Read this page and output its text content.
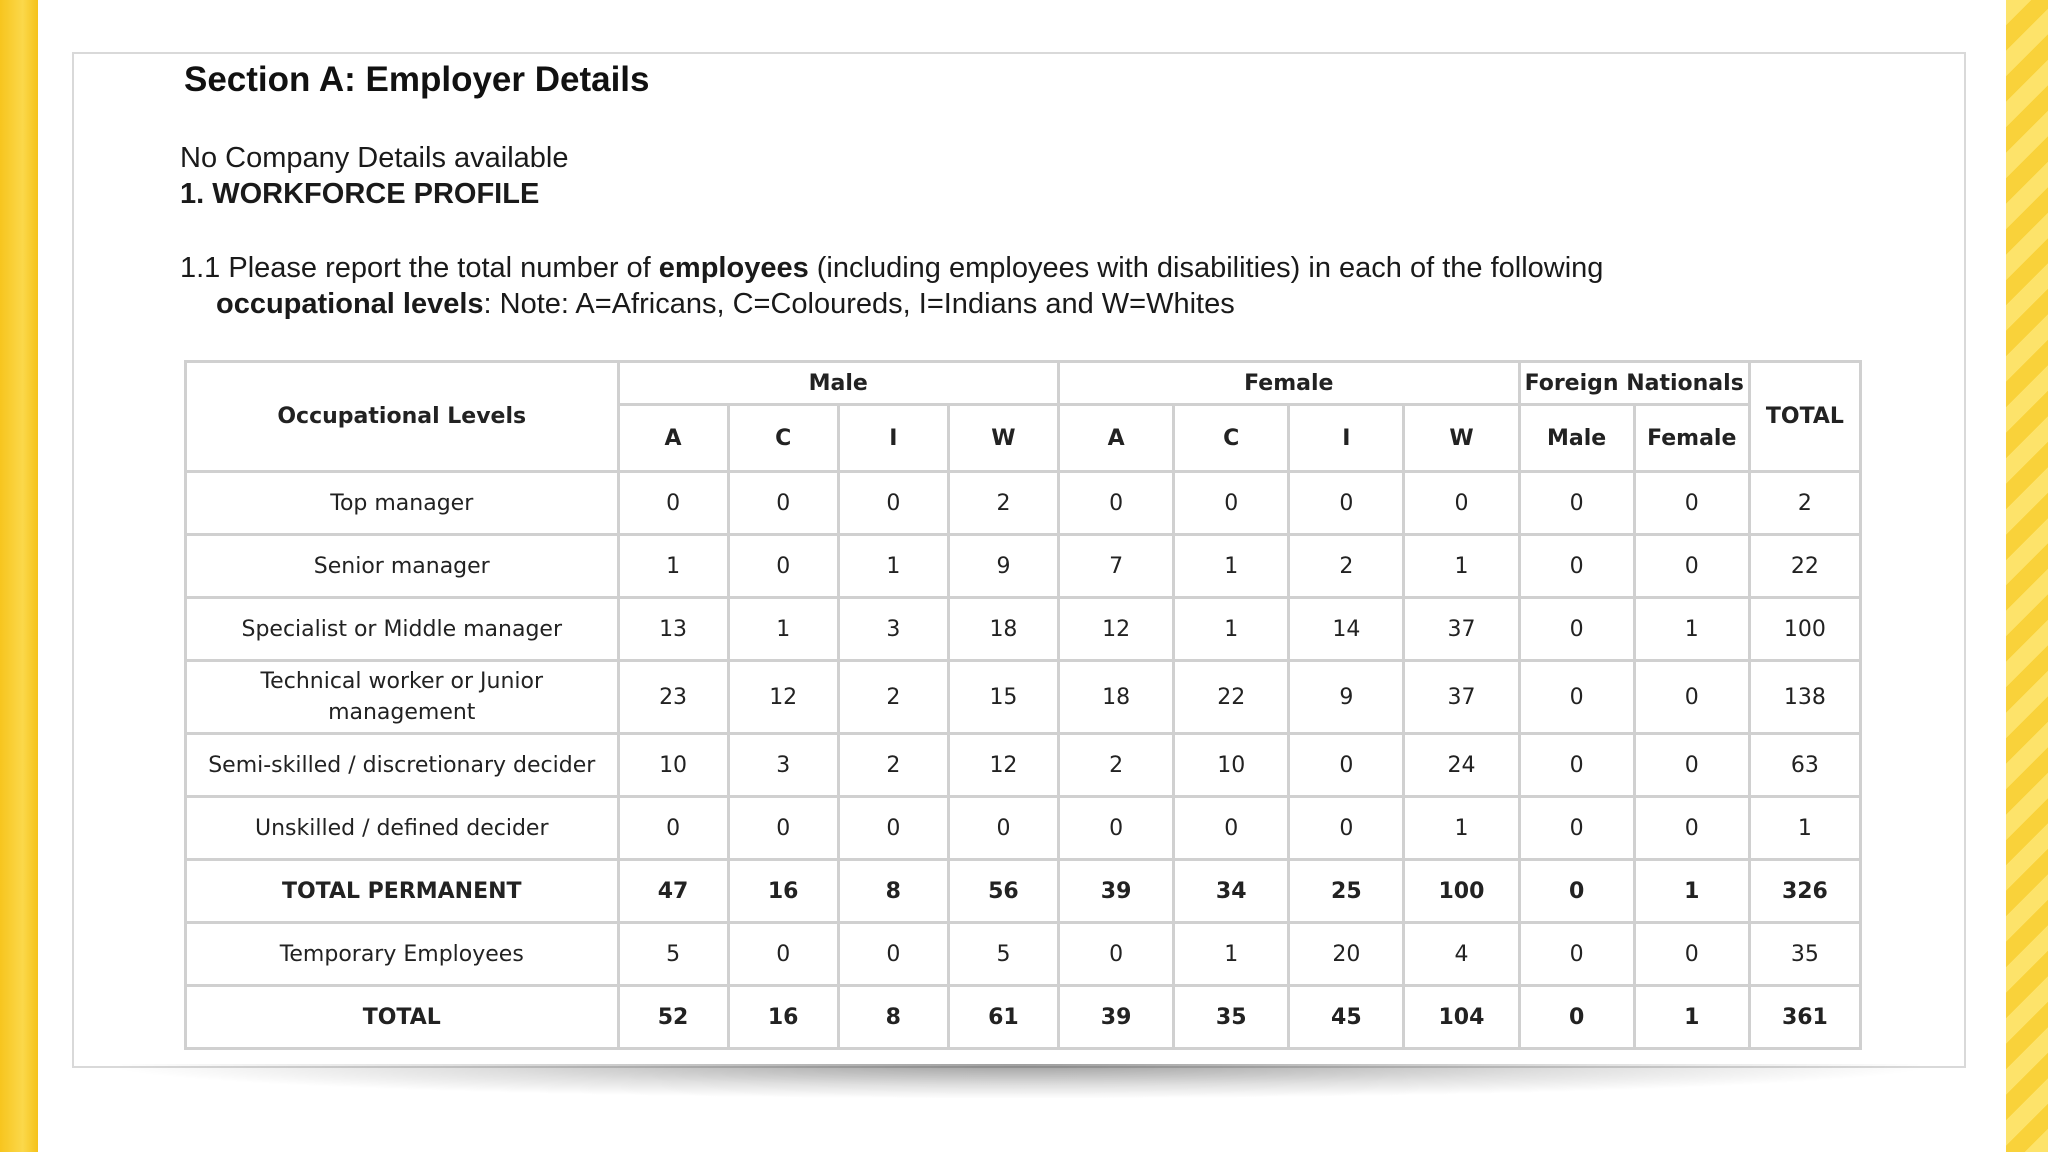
Section A: Employer Details
No Company Details available
1. WORKFORCE PROFILE
1.1 Please report the total number of employees (including employees with disabilities) in each of the following
occupational levels: Note: A=Africans, C=Coloureds, I=Indians and W=Whites
Occupational Levels	Male				Female				Foreign Nationals		TOTAL
	A	C	I	W	A	C	I	W	Male	Female	
Top manager	0	0	0	2	0	0	0	0	0	0	2
Senior manager	1	0	1	9	7	1	2	1	0	0	22
Specialist or Middle manager	13	1	3	18	12	1	14	37	0	1	100
Technical worker or Junior management	23	12	2	15	18	22	9	37	0	0	138
Semi-skilled / discretionary decider	10	3	2	12	2	10	0	24	0	0	63
Unskilled / defined decider	0	0	0	0	0	0	0	1	0	0	1
TOTAL PERMANENT	47	16	8	56	39	34	25	100	0	1	326
Temporary Employees	5	0	0	5	0	1	20	4	0	0	35
TOTAL	52	16	8	61	39	35	45	104	0	1	361
